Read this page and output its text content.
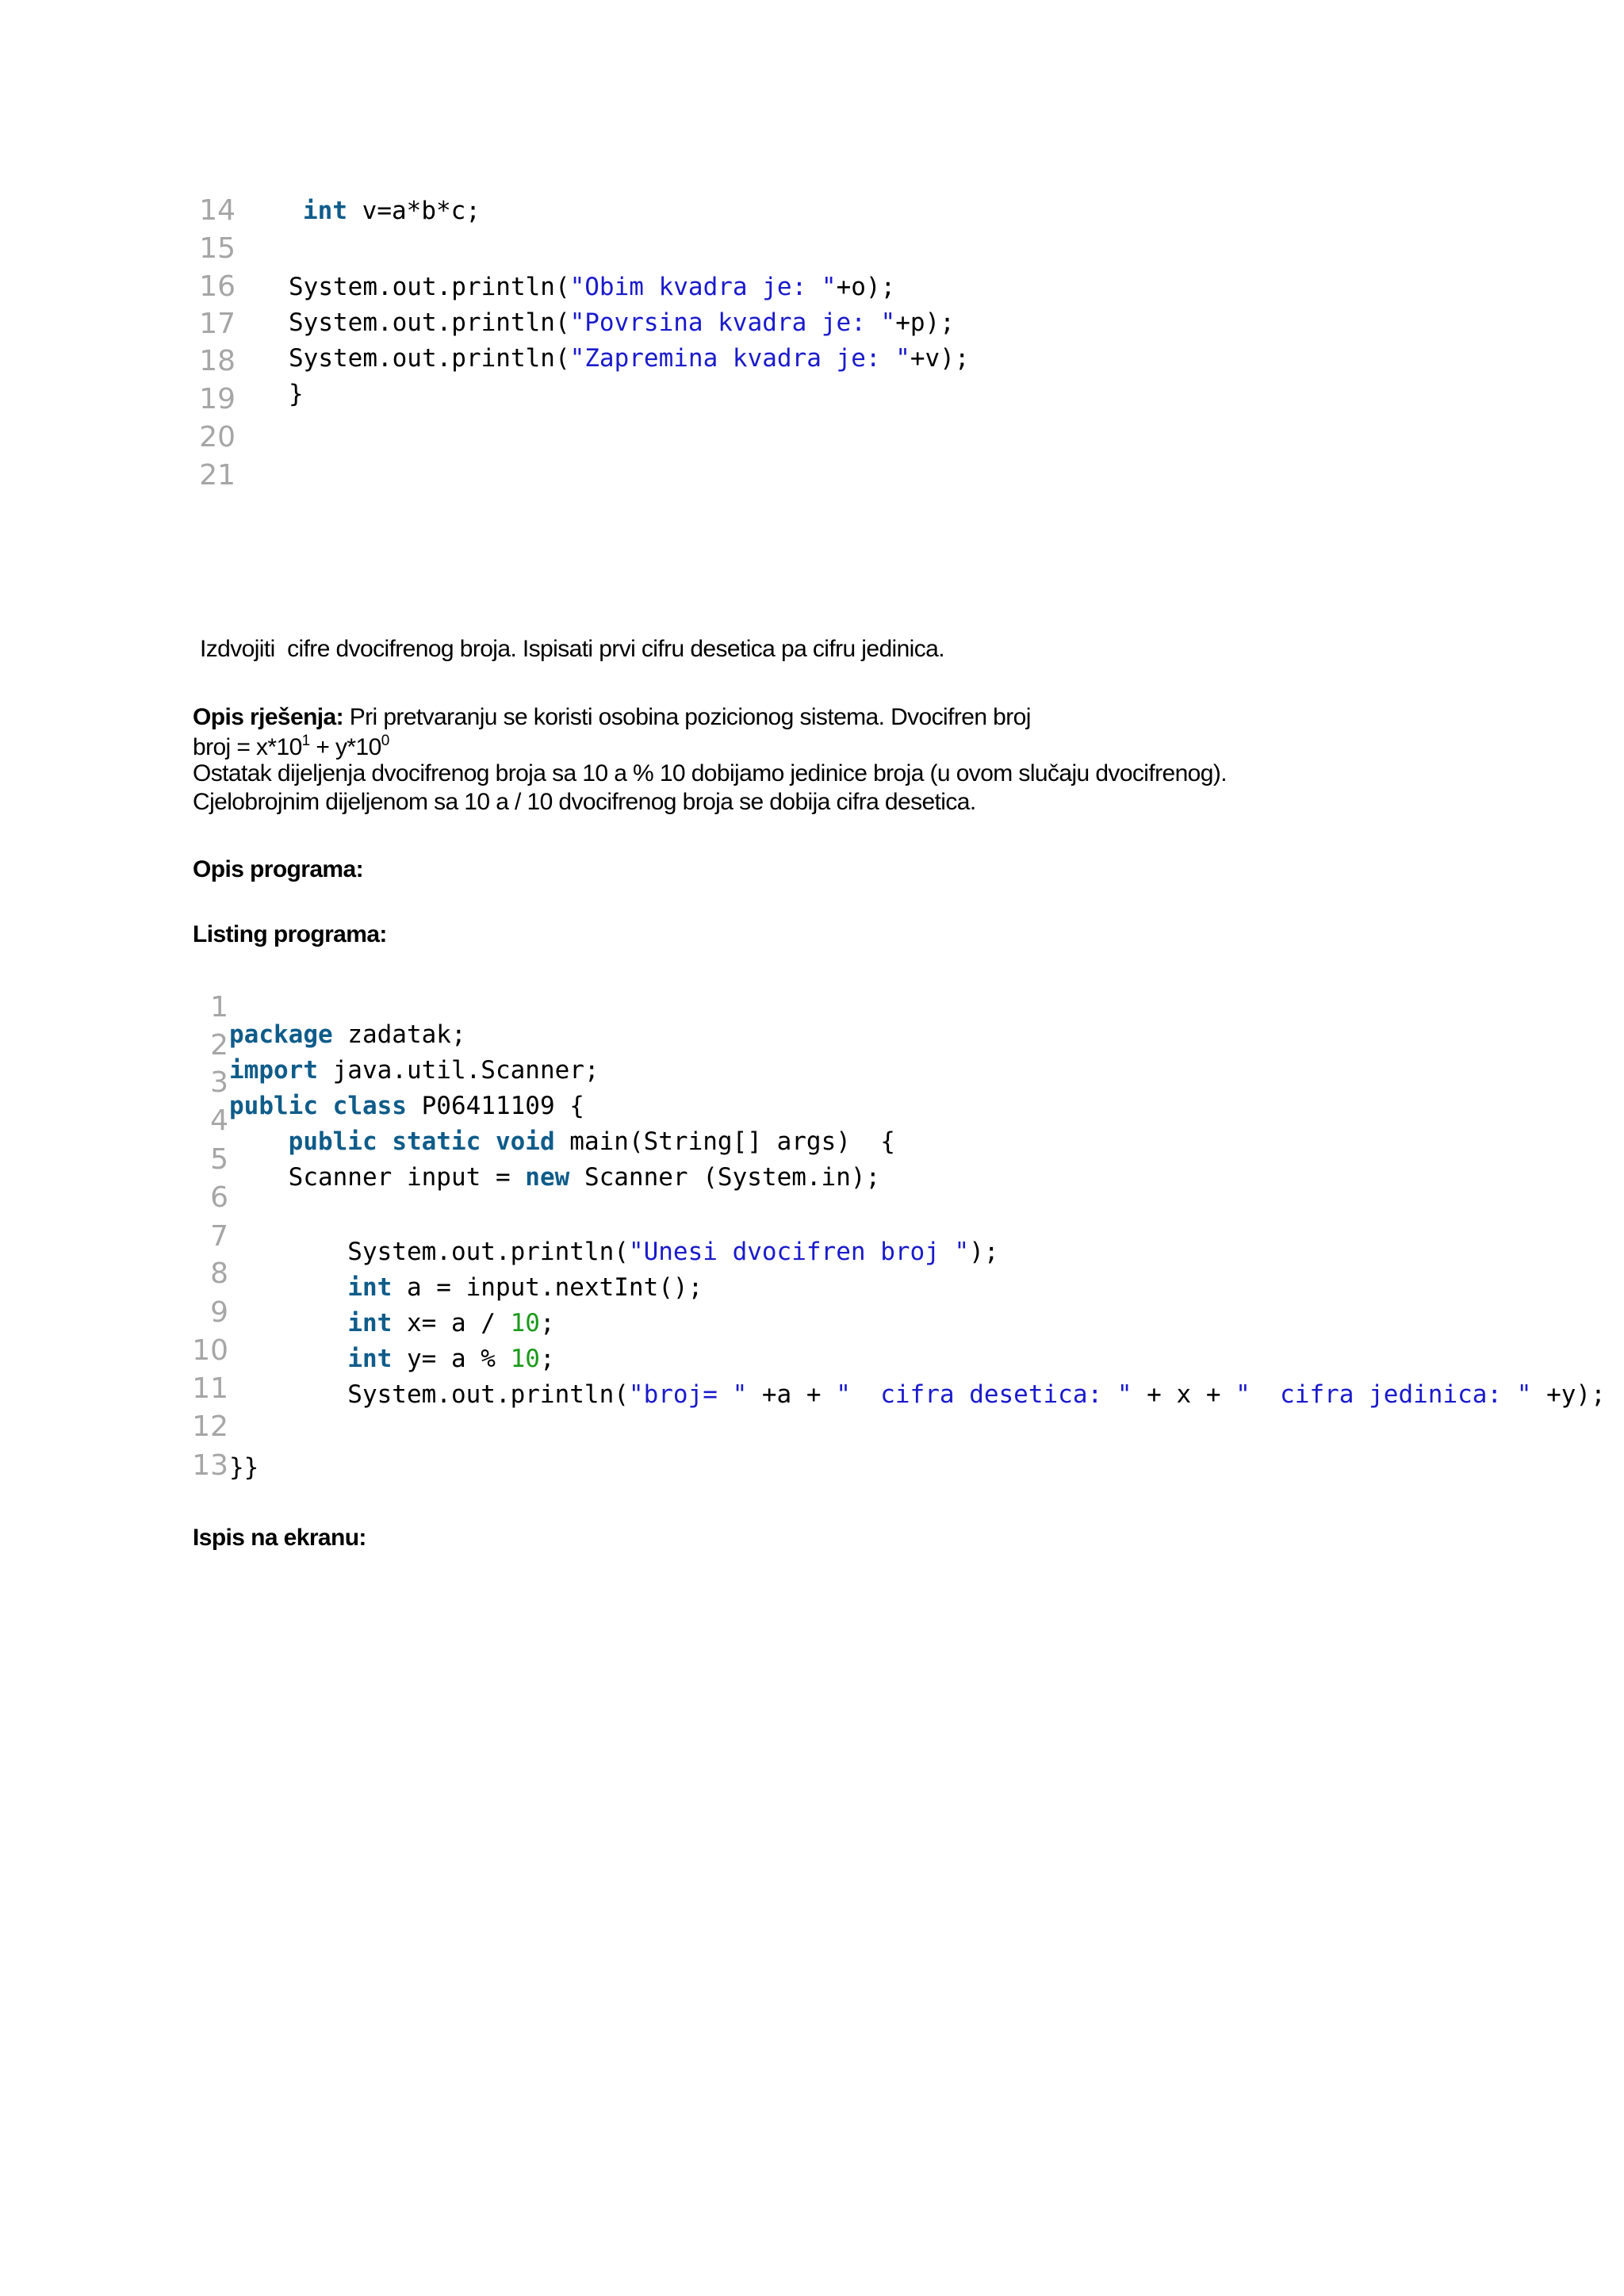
14	int v=a*b*c;
15
16 System.out.println("Obim kvadra je: "+o);
17 System.out.println("Povrsina kvadra je: "+p);
18 System.out.println("Zapremina kvadra je: "+v);
19 }
20
21
Izdvojiti  cifre dvocifrenog broja. Ispisati prvi cifru desetica pa cifru jedinica.
Opis rješenja: Pri pretvaranju se koristi osobina pozicionog sistema. Dvocifren broj
broj = $x*10^1 + y*10^0$
Ostatak dijeljenja dvocifrenog broja sa 10 a % 10 dobijamo jedinice broja (u ovom slučaju dvocifrenog).
Cjelobrojnim dijeljenom sa 10 a / 10 dvocifrenog broja se dobija cifra desetica.
Opis programa:
Listing programa:
1
2 package zadatak;
3 import java.util.Scanner;
4 public class P06411109 {
5
public static void main(String[] args)  {
6
Scanner input = new Scanner (System.in);
7
8
System.out.println("Unesi dvocifren broj ");
9
int a = input.nextInt();
10
int x= a / 10;
11
int y= a % 10;
12
System.out.println("broj= " +a + "  cifra desetica: " + x + "  cifra jedinica: " +y);
13 }}
Ispis na ekranu:
